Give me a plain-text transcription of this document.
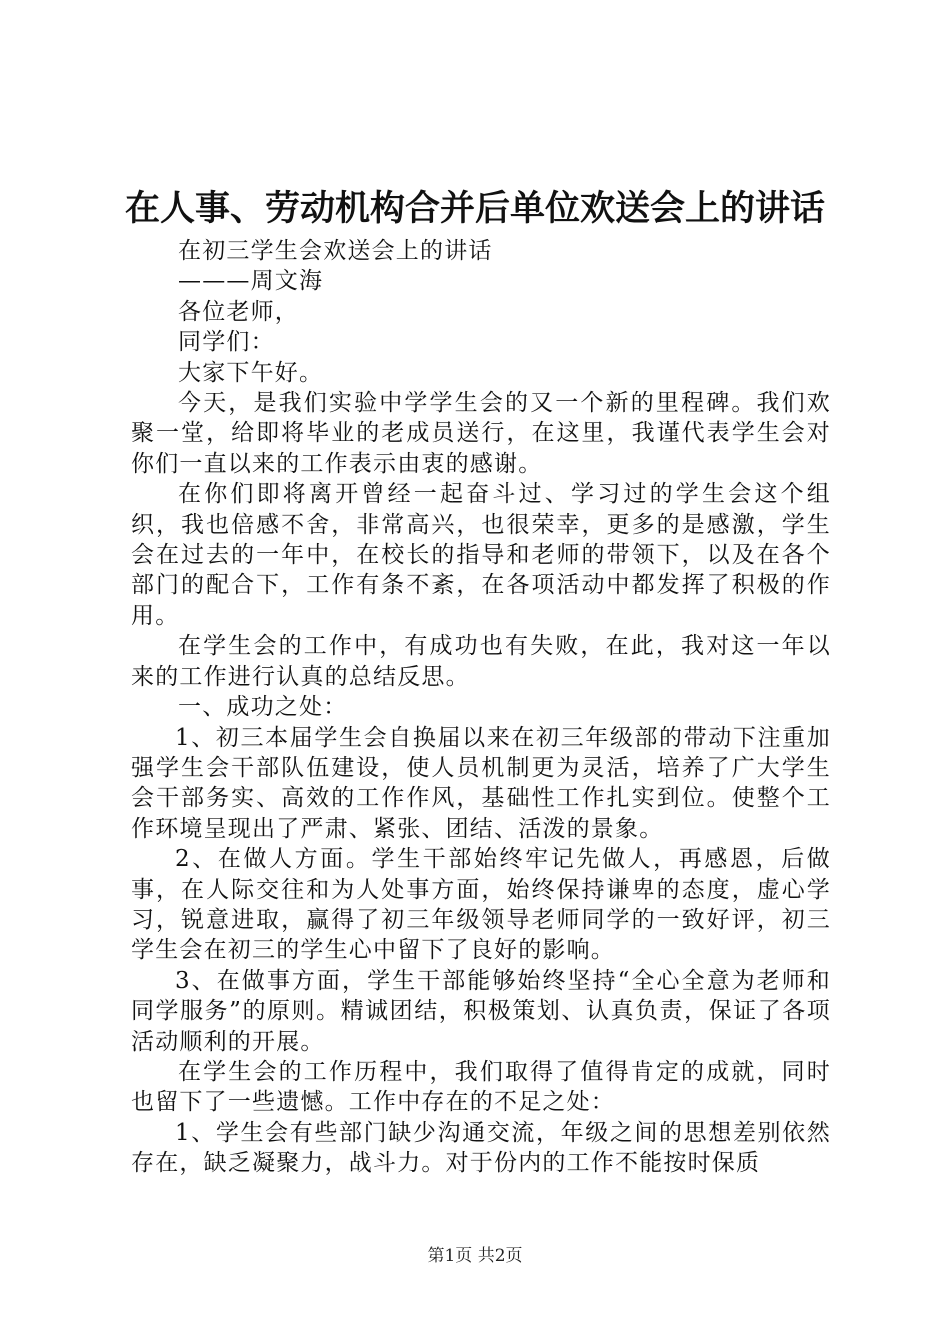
在人事、劳动机构合并后单位欢送会上的讲话

在初三学生会欢送会上的讲话

———周文海

各位老师，

同学们：

大家下午好。

今天，是我们实验中学学生会的又一个新的里程碑。我们欢聚一堂，给即将毕业的老成员送行，在这里，我谨代表学生会对你们一直以来的工作表示由衷的感谢。

在你们即将离开曾经一起奋斗过、学习过的学生会这个组织，我也倍感不舍，非常高兴，也很荣幸，更多的是感激，学生会在过去的一年中，在校长的指导和老师的带领下，以及在各个部门的配合下，工作有条不紊，在各项活动中都发挥了积极的作用。

在学生会的工作中，有成功也有失败，在此，我对这一年以来的工作进行认真的总结反思。

一、成功之处：

1、初三本届学生会自换届以来在初三年级部的带动下注重加强学生会干部队伍建设，使人员机制更为灵活，培养了广大学生会干部务实、高效的工作作风，基础性工作扎实到位。使整个工作环境呈现出了严肃、紧张、团结、活泼的景象。

2、在做人方面。学生干部始终牢记先做人，再感恩，后做事，在人际交往和为人处事方面，始终保持谦卑的态度，虚心学习，锐意进取，赢得了初三年级领导老师同学的一致好评，初三学生会在初三的学生心中留下了良好的影响。

3、在做事方面，学生干部能够始终坚持“全心全意为老师和同学服务”的原则。精诚团结，积极策划、认真负责，保证了各项活动顺利的开展。

在学生会的工作历程中，我们取得了值得肯定的成就，同时也留下了一些遗憾。工作中存在的不足之处：

1、学生会有些部门缺少沟通交流，年级之间的思想差别依然存在，缺乏凝聚力，战斗力。对于份内的工作不能按时保质

第1页 共2页
